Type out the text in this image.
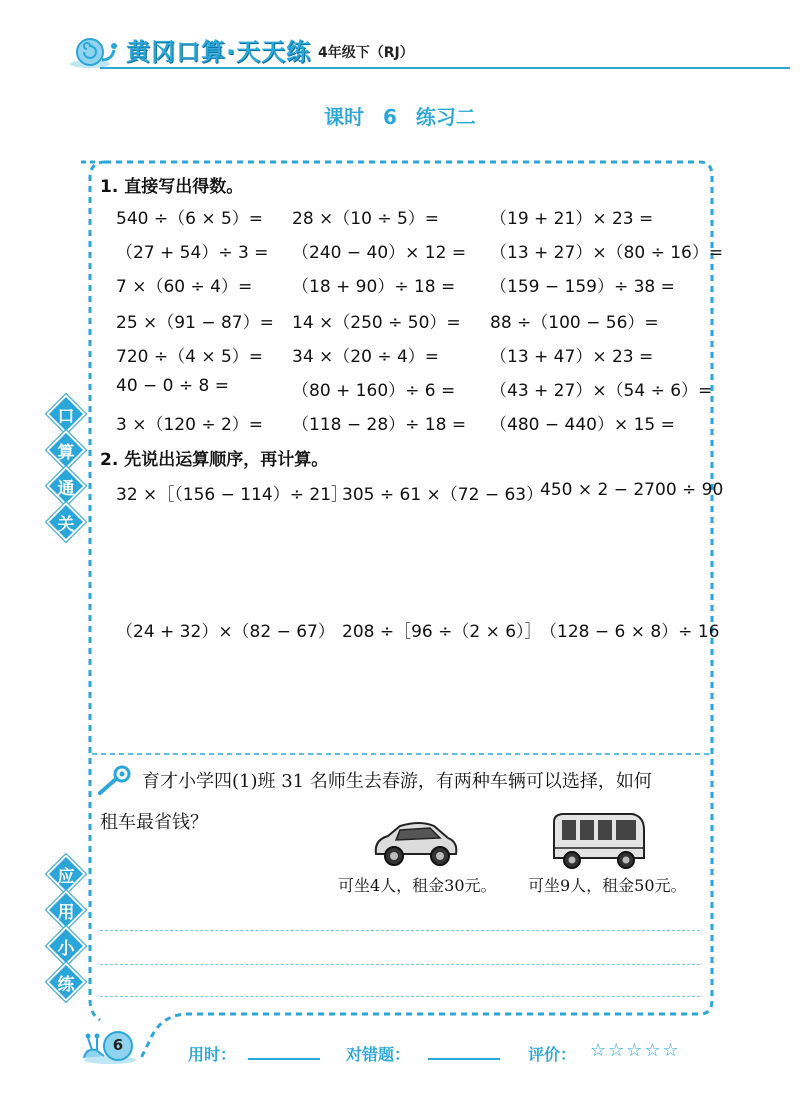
黄冈口算·天天练 4年级下（RJ）
课时 6 练习二
口
算
通
关
应
用
小
练
1. 直接写出得数。
540 ÷（6 × 5）= 28 ×（10 ÷ 5）=	（19 + 21）× 23 =
（27 + 54）÷ 3 = （240 − 40）× 12 = （13 + 27）×（80 ÷ 16）=
7 ×（60 ÷ 4）= （18 + 90）÷ 18 = （159 − 159）÷ 38 =
25 ×（91 − 87）= 14 ×（250 ÷ 50）= 88 ÷（100 − 56）=
720 ÷（4 × 5）= 34 ×（20 ÷ 4）=	（13 + 47）× 23 =
40 − 0 ÷ 8 =	（80 + 160）÷ 6 = （43 + 27）×（54 ÷ 6）=
3 ×（120 ÷ 2）= （118 − 28）÷ 18 = （480 − 440）× 15 =
2. 先说出运算顺序，再计算。
32 ×［（156 − 114）÷ 21］
305 ÷ 61 ×（72 − 63）
450 × 2 − 2700 ÷ 90
（24 + 32）×（82 − 67） 208 ÷［96 ÷（2 × 6）］
（128 − 6 × 8）÷ 16
育才小学四(1)班 31 名师生去春游，有两种车辆可以选择，如何
租车最省钱？
可坐4人，租金30元。 可坐9人，租金50元。
6	用时：	对错题：	评价： ☆☆☆☆☆
